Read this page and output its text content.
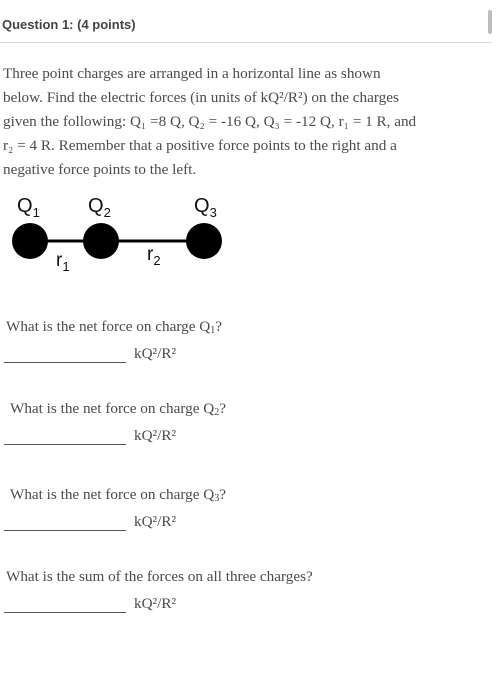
Question 1: (4 points)
Three point charges are arranged in a horizontal line as shown
below. Find the electric forces (in units of kQ²/R²) on the charges
given the following: Q₁ =8 Q, Q₂ = -16 Q, Q₃ = -12 Q, r₁ = 1 R, and
r₂ = 4 R. Remember that a positive force points to the right and a
negative force points to the left.
$Q_1$ $Q_2$	$Q_3$
$r_1$
$r_2$
What is the net force on charge $Q_1$?
kQ²/R²
What is the net force on charge $Q_2$?
kQ²/R²
What is the net force on charge $Q_3$?
kQ²/R²
What is the sum of the forces on all three charges?
kQ²/R²
